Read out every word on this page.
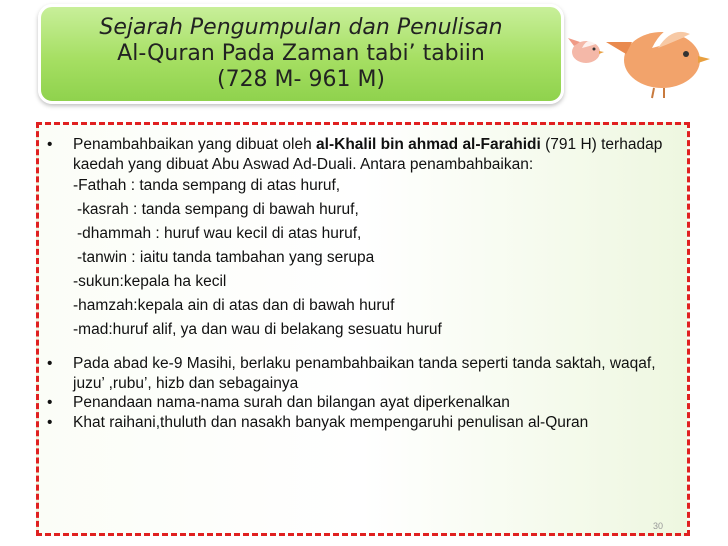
Sejarah Pengumpulan dan Penulisan
Al-Quran Pada Zaman tabi’ tabiin
(728 M- 961 M)
• Penambahbaikan yang dibuat oleh al-Khalil bin ahmad al-Farahidi (791 H) terhadap kaedah yang dibuat Abu Aswad Ad-Duali. Antara penambahbaikan:
-Fathah : tanda sempang di atas huruf,
-kasrah : tanda sempang di bawah huruf,
-dhammah : huruf wau kecil di atas huruf,
-tanwin : iaitu tanda tambahan yang serupa
-sukun:kepala ha kecil
-hamzah:kepala ain di atas dan di bawah huruf
-mad:huruf alif, ya dan wau di belakang sesuatu huruf
• Pada abad ke-9 Masihi, berlaku penambahbaikan tanda seperti tanda saktah, waqaf, juzu’ ,rubu’, hizb dan sebagainya
• Penandaan nama-nama surah dan bilangan ayat diperkenalkan
• Khat raihani,thuluth dan nasakh banyak mempengaruhi penulisan al-Quran
30
